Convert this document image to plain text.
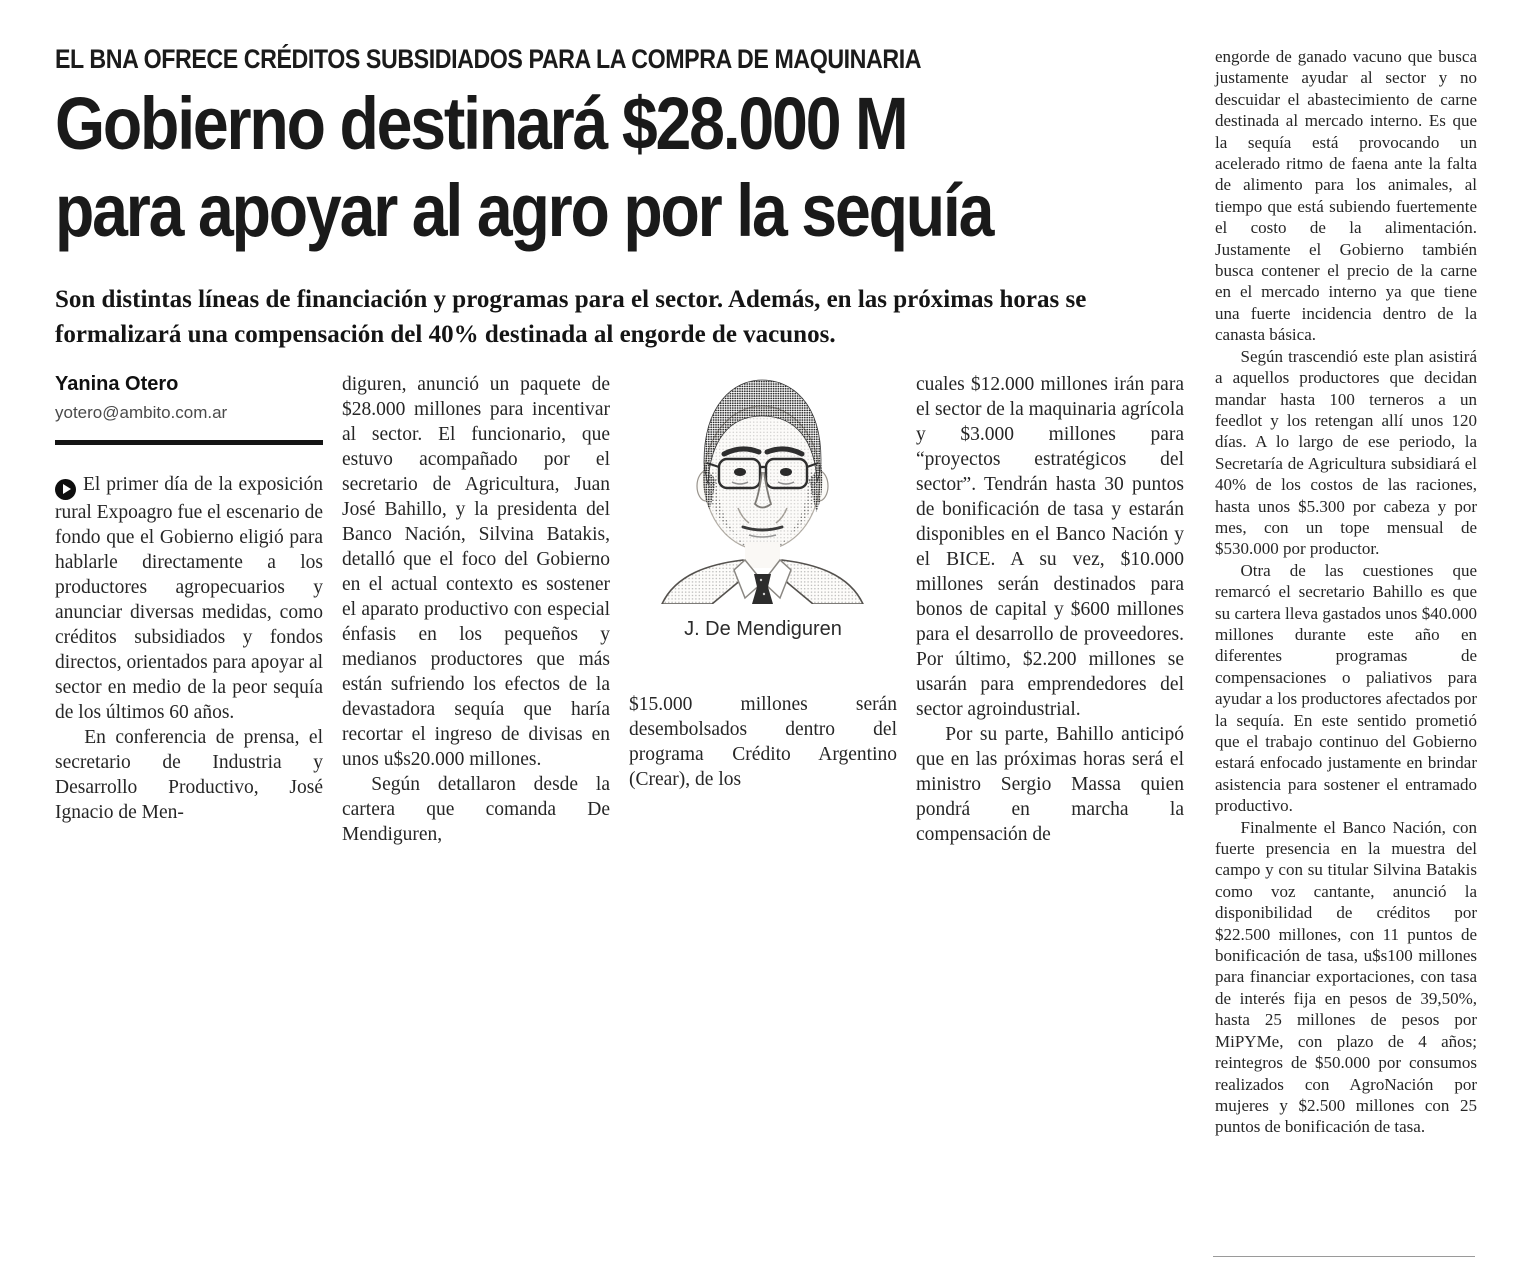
EL BNA OFRECE CRÉDITOS SUBSIDIADOS PARA LA COMPRA DE MAQUINARIA
Gobierno destinará $28.000 M
para apoyar al agro por la sequía
Son distintas líneas de financiación y programas para el sector. Además, en las próximas horas se formalizará una compensación del 40% destinada al engorde de vacunos.
Yanina Otero
yotero@ambito.com.ar

El primer día de la exposición rural Expoagro fue el escenario de fondo que el Gobierno eligió para hablarle directamente a los productores agropecuarios y anunciar diversas medidas, como créditos subsidiados y fondos directos, orientados para apoyar al sector en medio de la peor sequía de los últimos 60 años.

En conferencia de prensa, el secretario de Industria y Desarrollo Productivo, José Ignacio de Men-

diguren, anunció un paquete de $28.000 millones para incentivar al sector. El funcionario, que estuvo acompañado por el secretario de Agricultura, Juan José Bahillo, y la presidenta del Banco Nación, Silvina Batakis, detalló que el foco del Gobierno en el actual contexto es sostener el aparato productivo con especial énfasis en los pequeños y medianos productores que más están sufriendo los efectos de la devastadora sequía que haría recortar el ingreso de divisas en unos u$s20.000 millones.

Según detallaron desde la cartera que comanda De Mendiguren,

J. De Mendiguren

$15.000 millones serán desembolsados dentro del programa Crédito Argentino (Crear), de los

cuales $12.000 millones irán para el sector de la maquinaria agrícola y $3.000 millones para “proyectos estratégicos del sector”. Tendrán hasta 30 puntos de bonificación de tasa y estarán disponibles en el Banco Nación y el BICE. A su vez, $10.000 millones serán destinados para bonos de capital y $600 millones para el desarrollo de proveedores. Por último, $2.200 millones se usarán para emprendedores del sector agroindustrial.

Por su parte, Bahillo anticipó que en las próximas horas será el ministro Sergio Massa quien pondrá en marcha la compensación de

engorde de ganado vacuno que busca justamente ayudar al sector y no descuidar el abastecimiento de carne destinada al mercado interno. Es que la sequía está provocando un acelerado ritmo de faena ante la falta de alimento para los animales, al tiempo que está subiendo fuertemente el costo de la alimentación. Justamente el Gobierno también busca contener el precio de la carne en el mercado interno ya que tiene una fuerte incidencia dentro de la canasta básica.

Según trascendió este plan asistirá a aquellos productores que decidan mandar hasta 100 terneros a un feedlot y los retengan allí unos 120 días. A lo largo de ese periodo, la Secretaría de Agricultura subsidiará el 40% de los costos de las raciones, hasta unos $5.300 por cabeza y por mes, con un tope mensual de $530.000 por productor.

Otra de las cuestiones que remarcó el secretario Bahillo es que su cartera lleva gastados unos $40.000 millones durante este año en diferentes programas de compensaciones o paliativos para ayudar a los productores afectados por la sequía. En este sentido prometió que el trabajo continuo del Gobierno estará enfocado justamente en brindar asistencia para sostener el entramado productivo.

Finalmente el Banco Nación, con fuerte presencia en la muestra del campo y con su titular Silvina Batakis como voz cantante, anunció la disponibilidad de créditos por $22.500 millones, con 11 puntos de bonificación de tasa, u$s100 millones para financiar exportaciones, con tasa de interés fija en pesos de 39,50%, hasta 25 millones de pesos por MiPYMe, con plazo de 4 años; reintegros de $50.000 por consumos realizados con AgroNación por mujeres y $2.500 millones con 25 puntos de bonificación de tasa.
